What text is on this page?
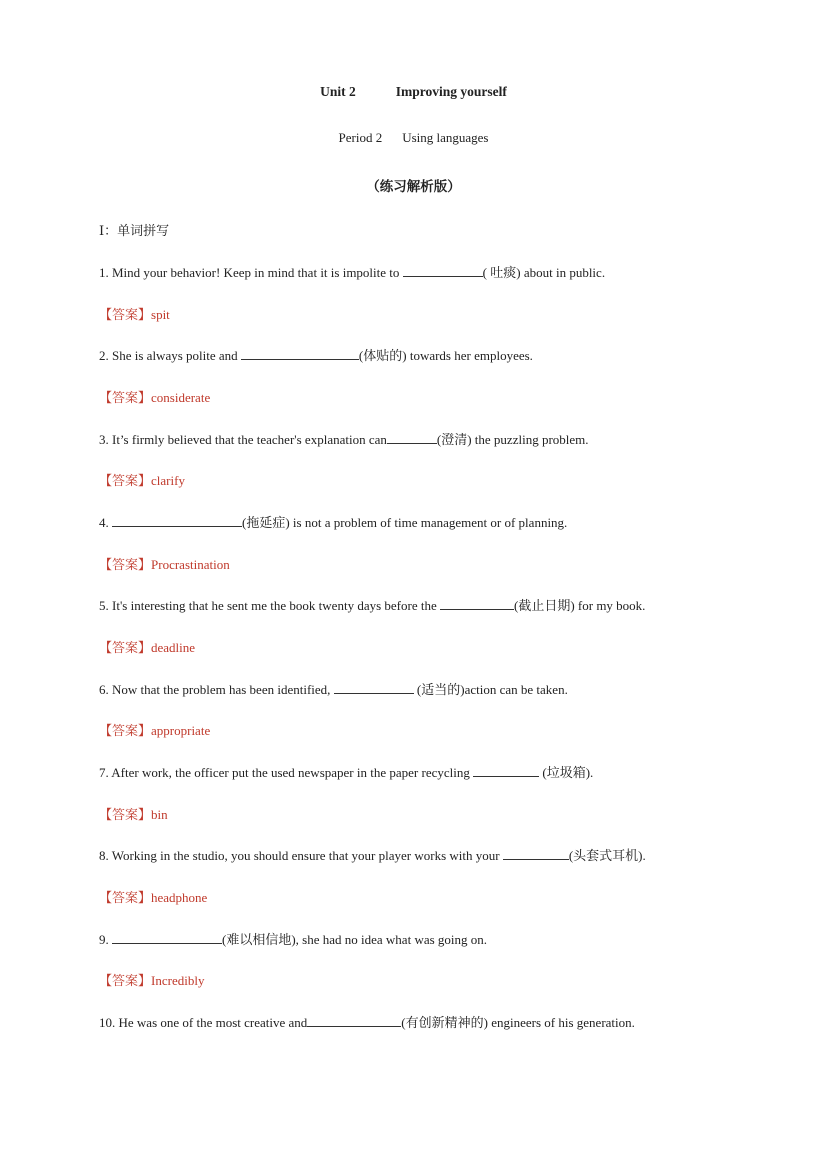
Unit 2	Improving yourself
Period 2 Using languages
（练习解析版）
Ⅰ：单词拼写
1. Mind your behavior! Keep in mind that it is impolite to	( 吐痰) about in public.
【答案】spit
2. She is always polite and	(体贴的) towards her employees.
【答案】considerate
3. It’s firmly believed that the teacher's explanation can	(澄清) the puzzling problem.
【答案】clarify
4.	(拖延症) is not a problem of time management or of planning.
【答案】Procrastination
5. It's interesting that he sent me the book twenty days before the	(截止日期) for my book.
【答案】deadline
6. Now that the problem has been identified,	(适当的)action can be taken.
【答案】appropriate
7. After work, the officer put the used newspaper in the paper recycling	(垃圾箱).
【答案】bin
8. Working in the studio, you should ensure that your player works with your	(头套式耳机).
【答案】headphone
9.	(难以相信地), she had no idea what was going on.
【答案】Incredibly
10. He was one of the most creative and	(有创新精神的) engineers of his generation.
